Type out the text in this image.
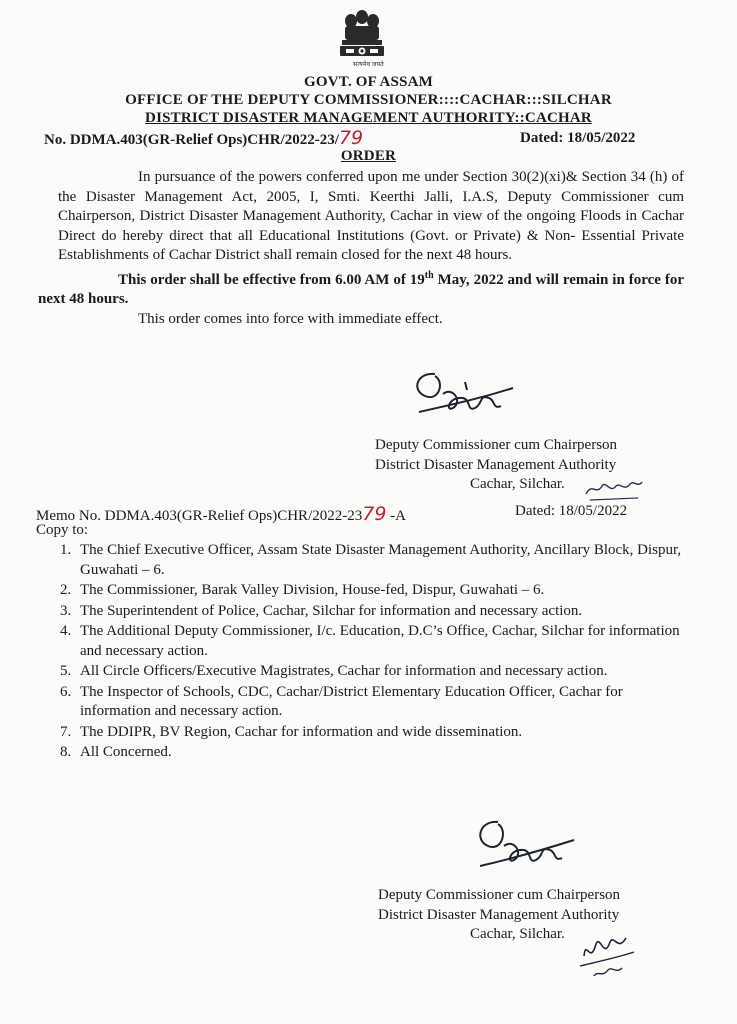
सत्यमेव जयते
GOVT. OF ASSAM
OFFICE OF THE DEPUTY COMMISSIONER::::CACHAR:::SILCHAR
DISTRICT DISASTER MANAGEMENT AUTHORITY::CACHAR
No. DDMA.403(GR-Relief Ops)CHR/2022-23/79	Dated: 18/05/2022
ORDER

In pursuance of the powers conferred upon me under Section 30(2)(xi)& Section 34 (h) of the Disaster Management Act, 2005, I, Smti. Keerthi Jalli, I.A.S, Deputy Commissioner cum Chairperson, District Disaster Management Authority, Cachar in view of the ongoing Floods in Cachar Direct do hereby direct that all Educational Institutions (Govt. or Private) & Non- Essential Private Establishments of Cachar District shall remain closed for the next 48 hours.

This order shall be effective from 6.00 AM of 19th May, 2022 and will remain in force for next 48 hours.

This order comes into force with immediate effect.

Deputy Commissioner cum Chairperson
District Disaster Management Authority
Cachar, Silchar.
Memo No. DDMA.403(GR-Relief Ops)CHR/2022-2379 -A	Dated: 18/05/2022
Copy to:
1. The Chief Executive Officer, Assam State Disaster Management Authority, Ancillary Block, Dispur, Guwahati – 6.
2. The Commissioner, Barak Valley Division, House-fed, Dispur, Guwahati – 6.
3. The Superintendent of Police, Cachar, Silchar for information and necessary action.
4. The Additional Deputy Commissioner, I/c. Education, D.C’s Office, Cachar, Silchar for information and necessary action.
5. All Circle Officers/Executive Magistrates, Cachar for information and necessary action.
6. The Inspector of Schools, CDC, Cachar/District Elementary Education Officer, Cachar for information and necessary action.
7. The DDIPR, BV Region, Cachar for information and wide dissemination.
8. All Concerned.
Deputy Commissioner cum Chairperson
District Disaster Management Authority
Cachar, Silchar.
